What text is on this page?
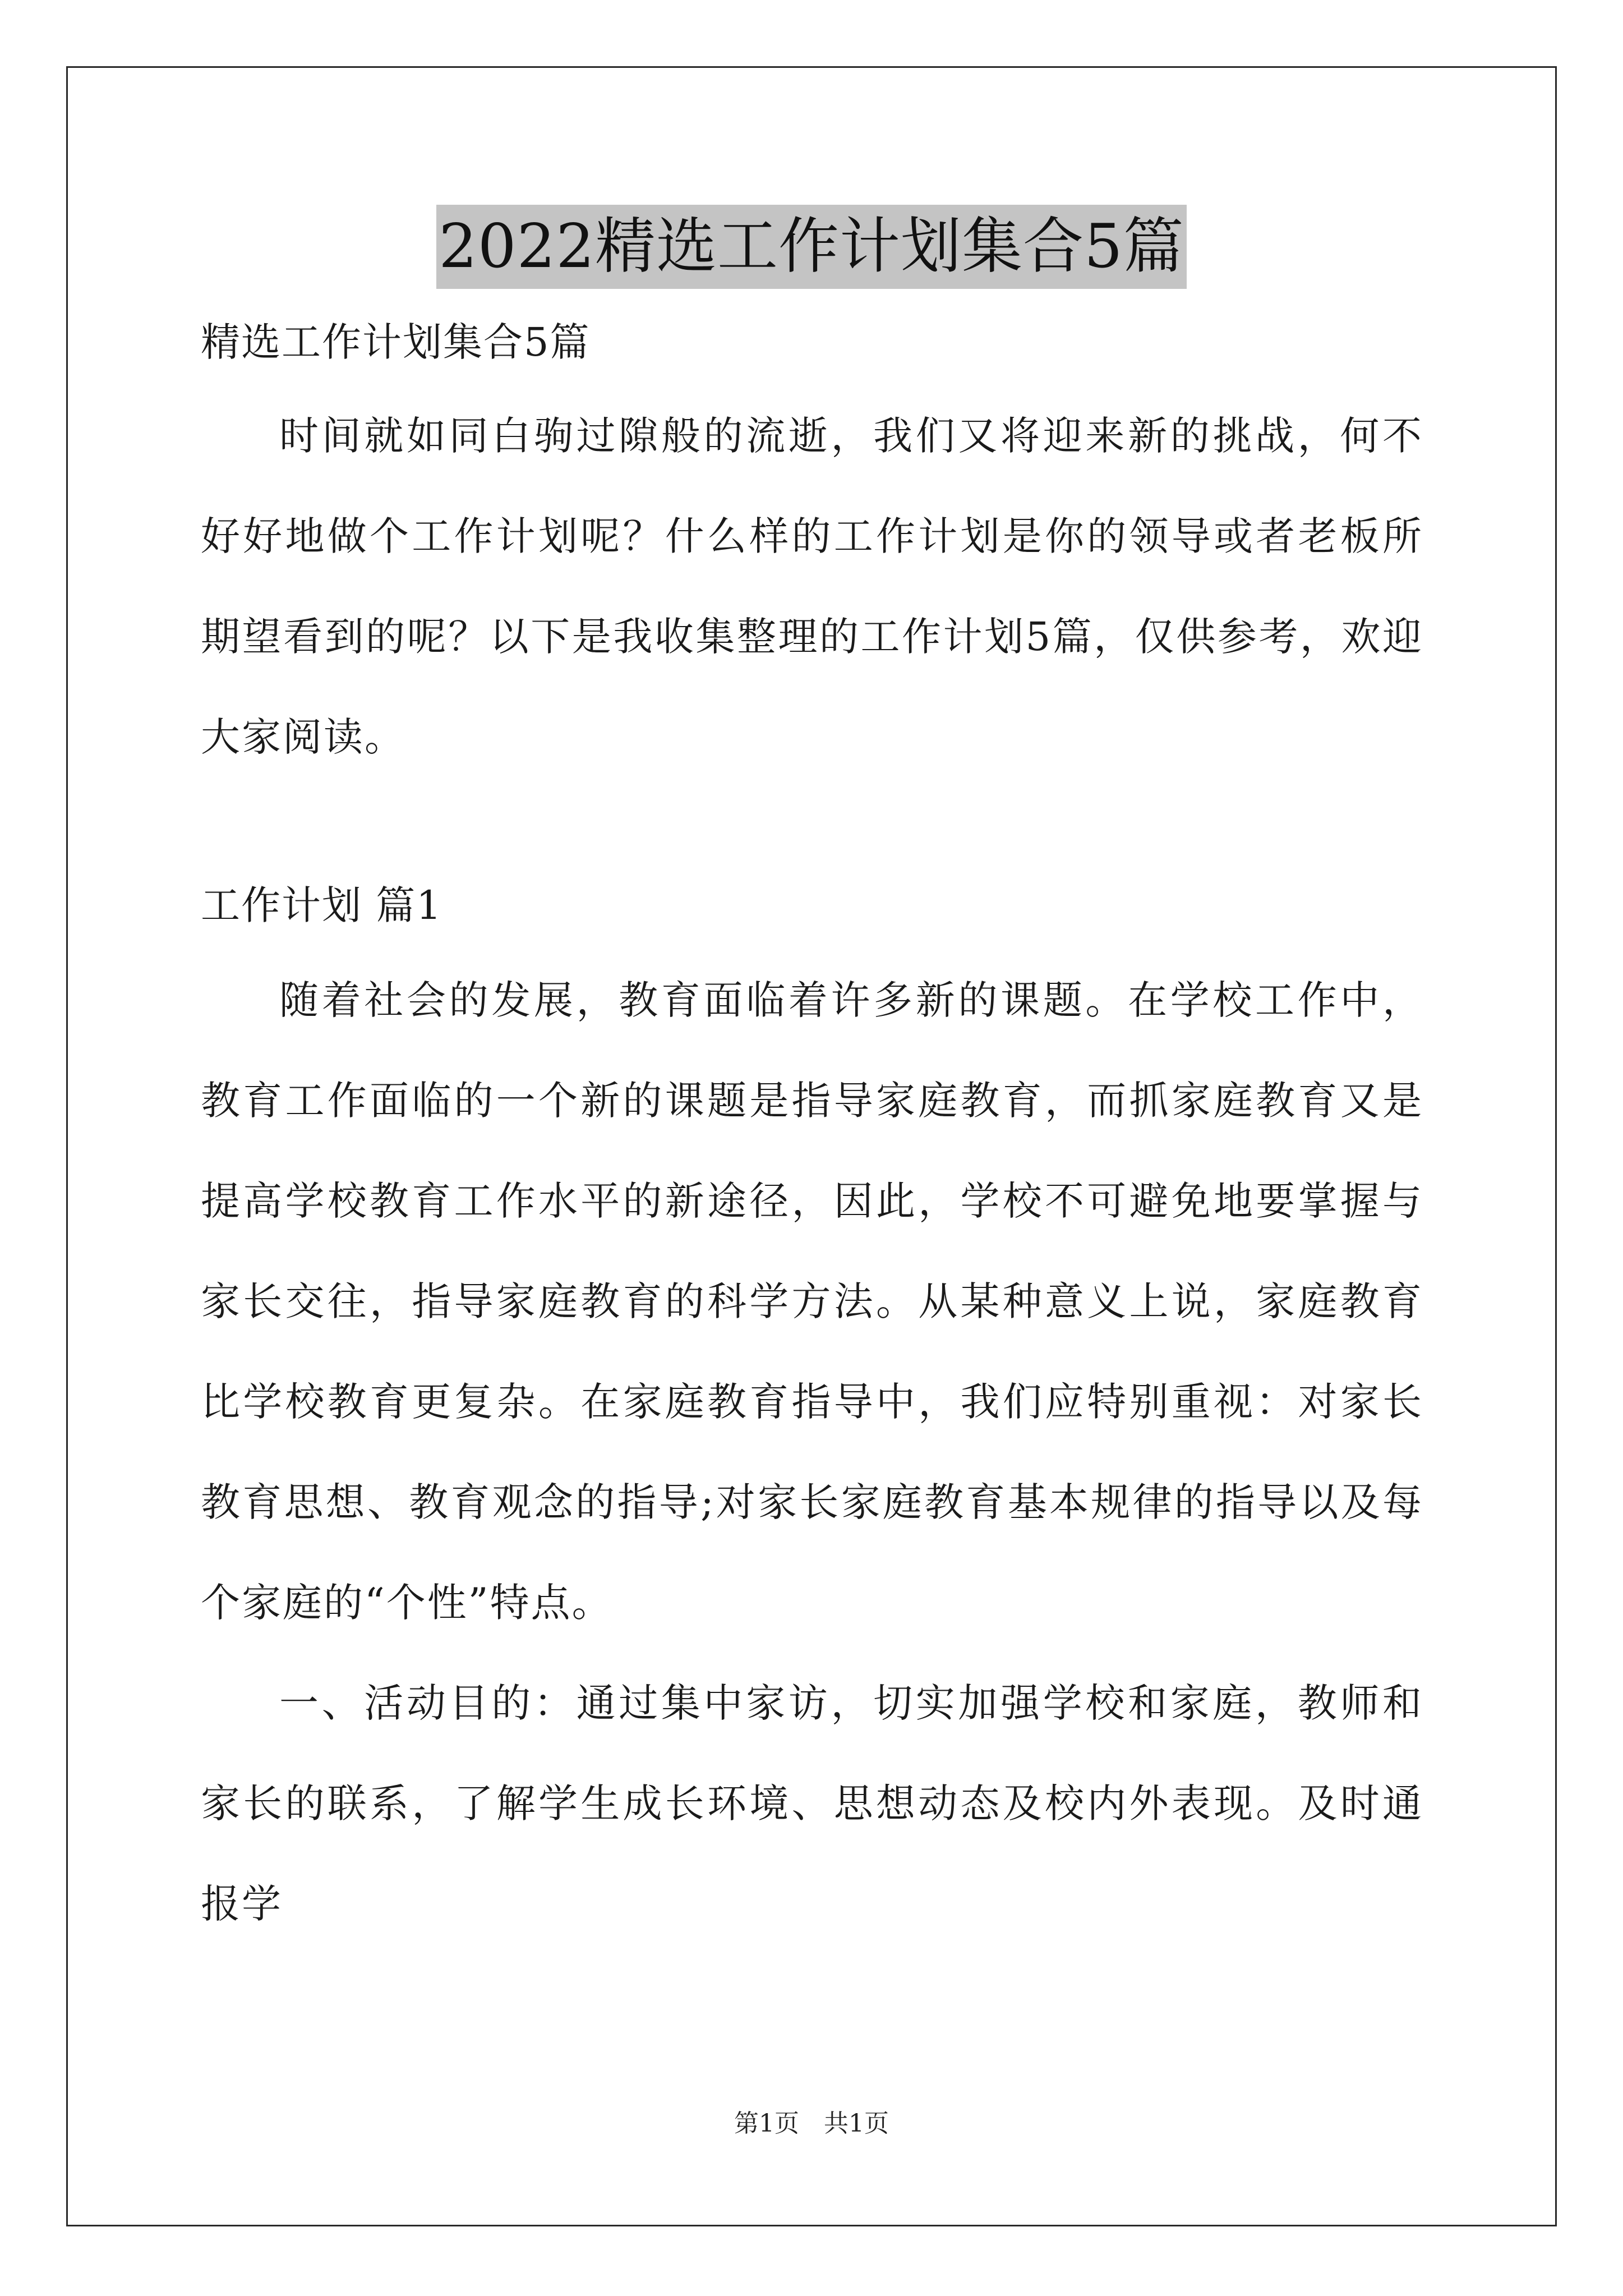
2022精选工作计划集合5篇

精选工作计划集合5篇

时间就如同白驹过隙般的流逝，我们又将迎来新的挑战，何不好好地做个工作计划呢？什么样的工作计划是你的领导或者老板所期望看到的呢？以下是我收集整理的工作计划5篇，仅供参考，欢迎大家阅读。

工作计划 篇1

随着社会的发展，教育面临着许多新的课题。在学校工作中，教育工作面临的一个新的课题是指导家庭教育，而抓家庭教育又是提高学校教育工作水平的新途径，因此，学校不可避免地要掌握与家长交往，指导家庭教育的科学方法。从某种意义上说，家庭教育比学校教育更复杂。在家庭教育指导中，我们应特别重视：对家长教育思想、教育观念的指导;对家长家庭教育基本规律的指导以及每个家庭的“个性”特点。

一、活动目的：通过集中家访，切实加强学校和家庭，教师和家长的联系，了解学生成长环境、思想动态及校内外表现。及时通报学

第1页　共1页
